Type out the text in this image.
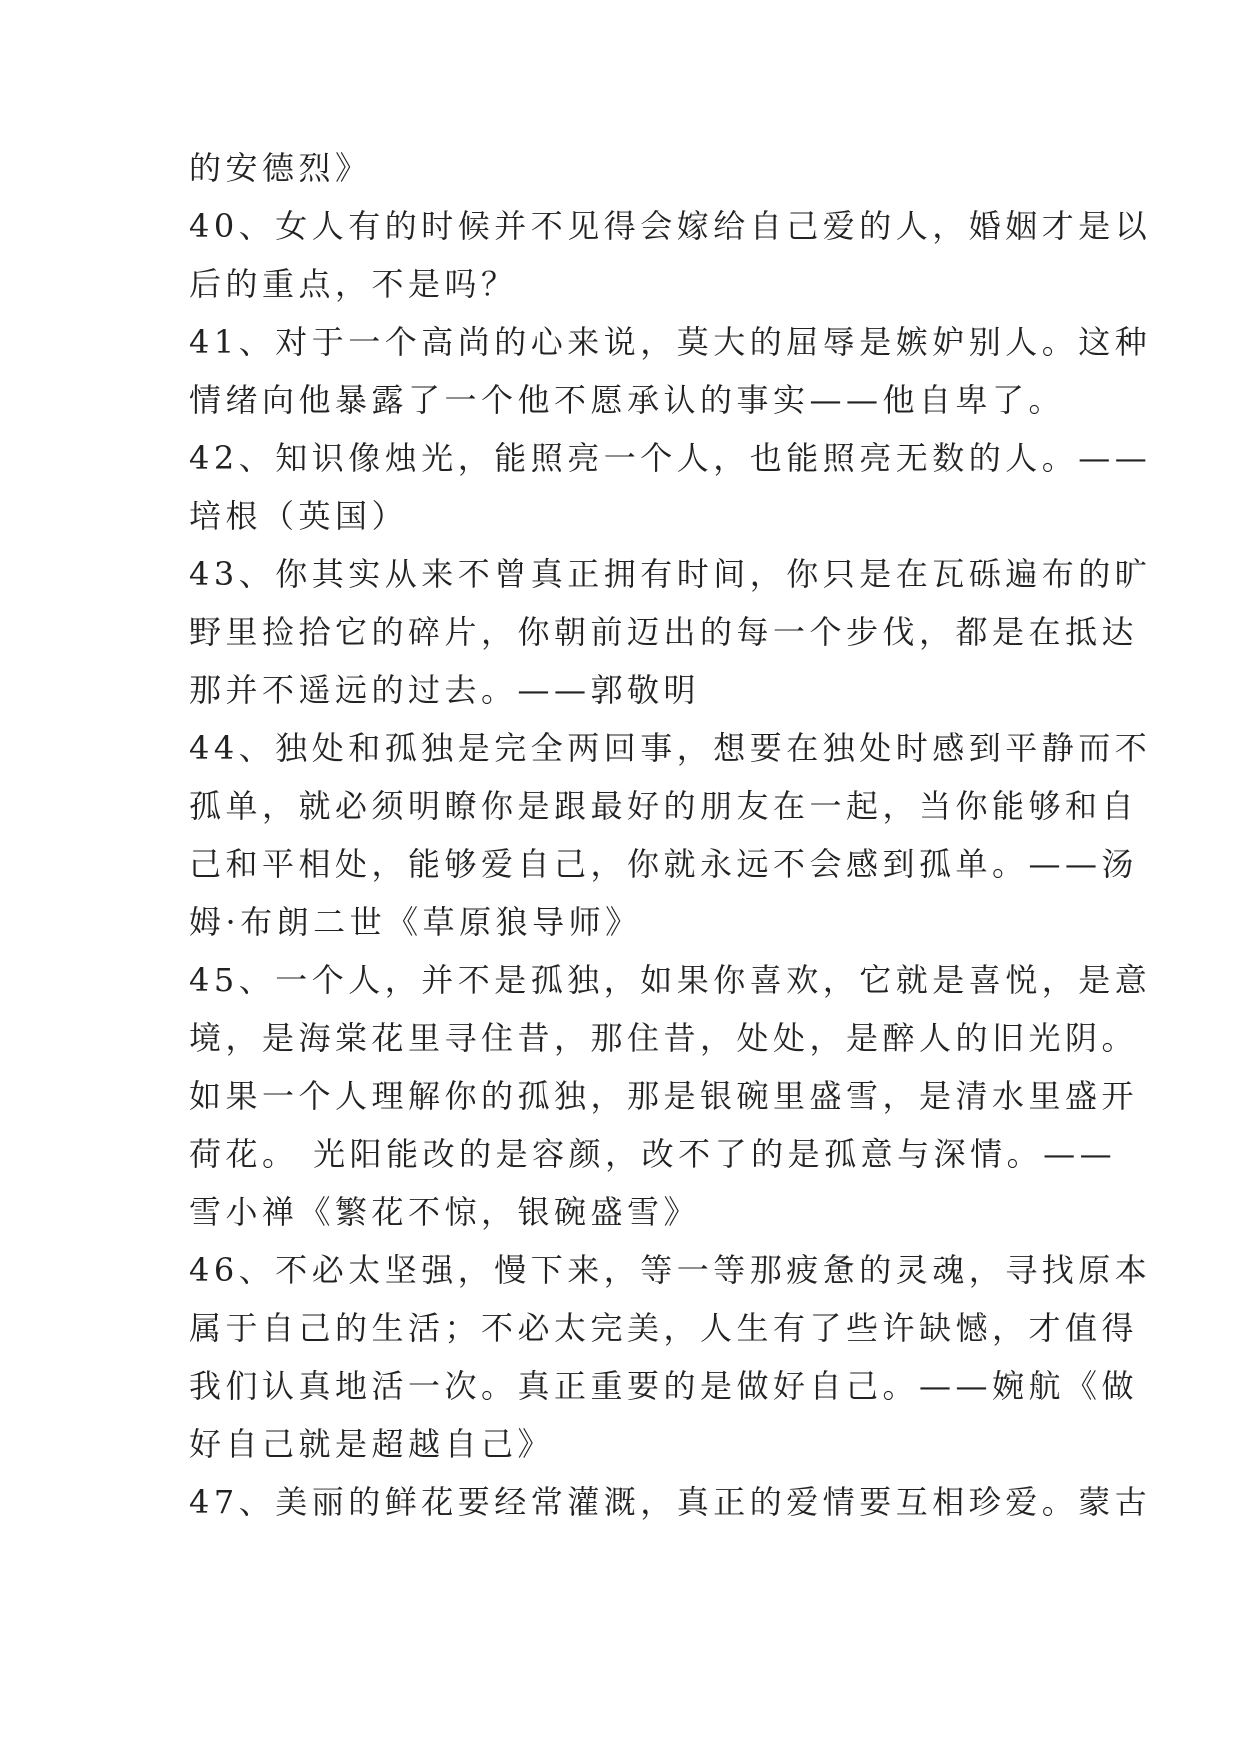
的安德烈》

40、女人有的时候并不见得会嫁给自己爱的人，婚姻才是以

后的重点，不是吗？

41、对于一个高尚的心来说，莫大的屈辱是嫉妒别人。这种

情绪向他暴露了一个他不愿承认的事实——他自卑了。

42、知识像烛光，能照亮一个人，也能照亮无数的人。——

培根（英国）

43、你其实从来不曾真正拥有时间，你只是在瓦砾遍布的旷

野里捡拾它的碎片，你朝前迈出的每一个步伐，都是在抵达

那并不遥远的过去。——郭敬明

44、独处和孤独是完全两回事，想要在独处时感到平静而不

孤单，就必须明瞭你是跟最好的朋友在一起，当你能够和自

己和平相处，能够爱自己，你就永远不会感到孤单。——汤

姆·布朗二世《草原狼导师》

45、一个人，并不是孤独，如果你喜欢，它就是喜悦，是意

境，是海棠花里寻住昔，那住昔，处处，是醉人的旧光阴。

如果一个人理解你的孤独，那是银碗里盛雪，是清水里盛开

荷花。 光阳能改的是容颜，改不了的是孤意与深情。——

雪小禅《繁花不惊，银碗盛雪》

46、不必太坚强，慢下来，等一等那疲惫的灵魂，寻找原本

属于自己的生活；不必太完美，人生有了些许缺憾，才值得

我们认真地活一次。真正重要的是做好自己。——婉航《做

好自己就是超越自己》

47、美丽的鲜花要经常灌溉，真正的爱情要互相珍爱。蒙古
